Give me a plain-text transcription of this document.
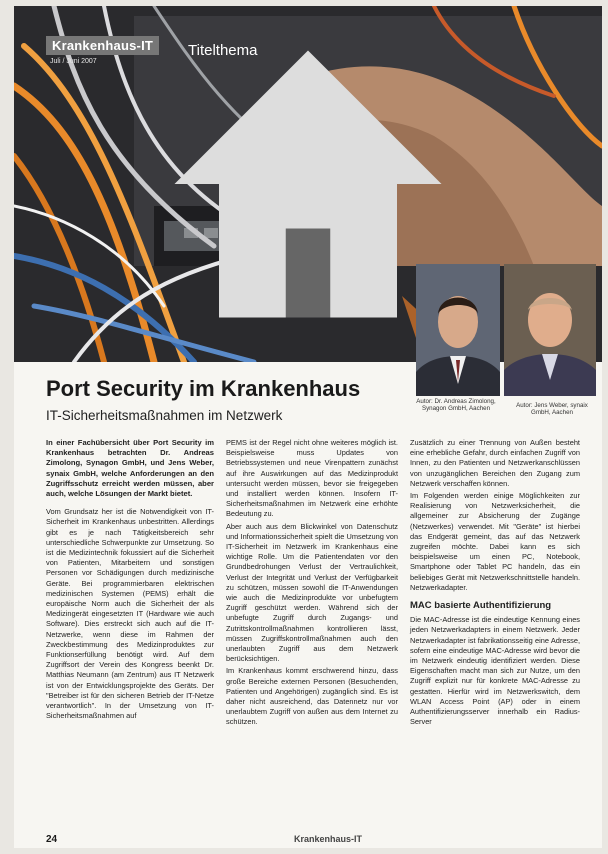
Krankenhaus-IT
Juli / Juni 2007
Titelthema
Autor: Dr. Andreas Zimolong, Synagon GmbH, Aachen	Autor: Jens Weber, synaix GmbH, Aachen
Port Security im Krankenhaus
IT-Sicherheitsmaßnahmen im Netzwerk

In einer Fachübersicht über Port Security im Krankenhaus betrachten Dr. Andreas Zimolong, Synagon GmbH, und Jens Weber, synaix GmbH, welche Anforderungen an den Zugriffsschutz erreicht werden müssen, aber auch, welche Lösungen der Markt bietet.

Vom Grundsatz her ist die Notwendigkeit von IT-Sicherheit im Krankenhaus unbestritten. Allerdings gibt es je nach Tätigkeitsbereich sehr unterschiedliche Schwerpunkte zur Umsetzung. So ist die Medizintechnik fokussiert auf die Sicherheit von Patienten, Mitarbeitern und sonstigen Personen vor Schädigungen durch medizinische Geräte. Bei programmierbaren elektrischen medizinischen Systemen (PEMS) erhält die europäische Norm auch die Sicherheit der als Medizingerät eingesetzten IT (Hardware wie auch Software). Dies erstreckt sich auch auf die IT-Netzwerke, wenn diese im Rahmen der Zweckbestimmung des Medizinproduktes zur Funktionserfüllung benötigt wird. Auf dem Zugriffsort der Verein des Kongress beenkt Dr. Matthias Neumann (am Zentrum) aus IT Netzwerk ist von der Entwicklungsprojekte des Geräts. Der "Betreiber ist für den sicheren Betrieb der IT-Netze verantwortlich". In der Umsetzung von IT-Sicherheitsmaßnahmen auf

PEMS ist der Regel nicht ohne weiteres möglich ist. Beispielsweise muss Updates von Betriebssystemen und neue Virenpattern zunächst auf ihre Auswirkungen auf das Medizinprodukt untersucht werden müssen, bevor sie freigegeben und installiert werden können. Insofern IT-Sicherheitsmaßnahmen im Netzwerk eine erhöhte Bedeutung zu.

Aber auch aus dem Blickwinkel von Datenschutz und Informationssicherheit spielt die Umsetzung von IT-Sicherheit im Netzwerk im Krankenhaus eine wichtige Rolle. Um die Patientendaten vor den Grundbedrohungen Verlust der Vertraulichkeit, Verlust der Integrität und Verlust der Verfügbarkeit zu schützen, müssen sowohl die IT-Anwendungen wie auch die Medizinprodukte vor unbefugtem Zugriff geschützt werden. Während sich der unbefugte Zugriff durch Zugangs- und Zutrittskontrollmaßnahmen kontrollieren lässt, müssen Zugriffskontrollmaßnahmen auch den unerlaubten Zugriff aus dem Netzwerk berücksichtigen.

Im Krankenhaus kommt erschwerend hinzu, dass große Bereiche externen Personen (Besuchenden, Patienten und Angehörigen) zugänglich sind. Es ist daher nicht ausreichend, das Datennetz nur vor unerlaubtem Zugriff von außen aus dem Internet zu schützen.

Zusätzlich zu einer Trennung von Außen besteht eine erhebliche Gefahr, durch einfachen Zugriff von Innen, zu den Patienten und Netzwerkanschlüssen von unzugänglichen Bereichen den Zugang zum Netzwerk verschaffen können.

Im Folgenden werden einige Möglichkeiten zur Realisierung von Netzwerksicherheit, die allgemeiner zur Absicherung der Zugänge (Netzwerkes) verwendet. Mit "Geräte" ist hierbei das Endgerät gemeint, das auf das Netzwerk zugreifen möchte. Dabei kann es sich beispielsweise um einen PC, Notebook, Smartphone oder Tablet PC handeln, das ein beliebiges Gerät mit Netzwerkschnittstelle handeln. Netzwerkadapter.

MAC basierte Authentifizierung

Die MAC-Adresse ist die eindeutige Kennung eines jeden Netzwerkadapters in einem Netzwerk. Jeder Netzwerkadapter ist fabrikationsseitig eine Adresse, sofern eine eindeutige MAC-Adresse wird bevor die im Netzwerk eindeutig identifiziert werden. Diese Eigenschaften macht man sich zur Nutze, um den Zugriff explizit nur für konkrete MAC-Adresse zu gestatten. Hierfür wird im Netzwerkswitch, dem WLAN Access Point (AP) oder in einem Authentifizierungsserver innerhalb ein Radius-Server

24	Krankenhaus-IT
